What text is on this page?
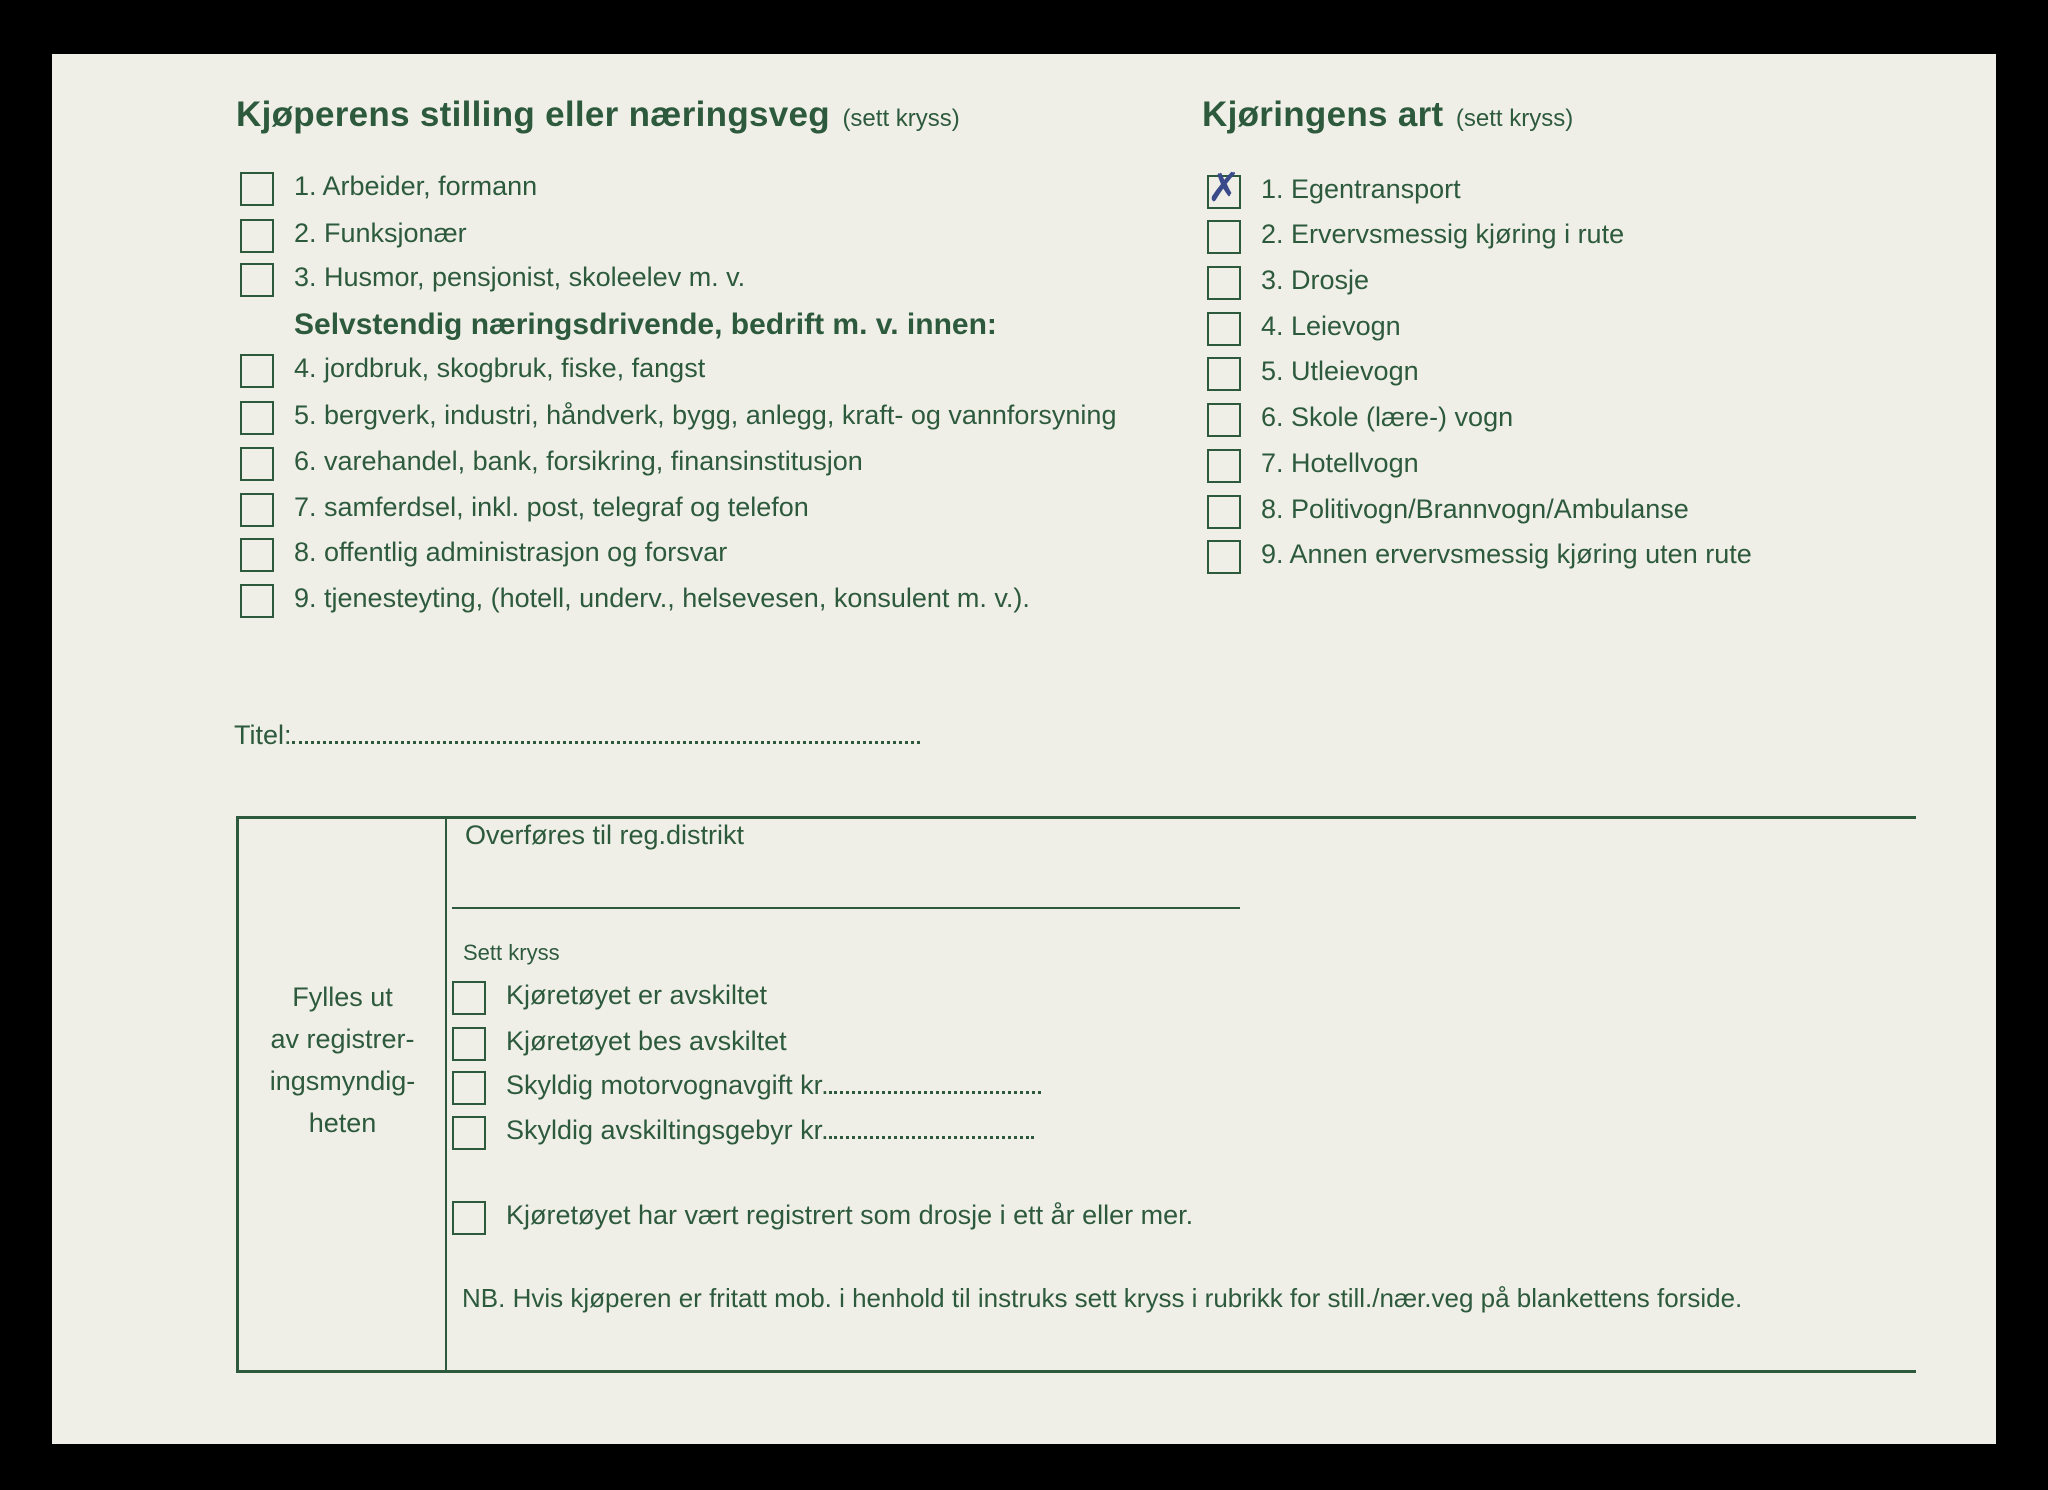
Kjøperens stilling eller næringsveg (sett kryss)
1. Arbeider, formann
2. Funksjonær
3. Husmor, pensjonist, skoleelev m. v.
Selvstendig næringsdrivende, bedrift m. v. innen:
4. jordbruk, skogbruk, fiske, fangst
5. bergverk, industri, håndverk, bygg, anlegg, kraft- og vannforsyning
6. varehandel, bank, forsikring, finansinstitusjon
7. samferdsel, inkl. post, telegraf og telefon
8. offentlig administrasjon og forsvar
9. tjenesteyting, (hotell, underv., helsevesen, konsulent m. v.).
Titel:
Kjøringens art (sett kryss)
✗ 1. Egentransport
2. Ervervsmessig kjøring i rute
3. Drosje
4. Leievogn
5. Utleievogn
6. Skole (lære-) vogn
7. Hotellvogn
8. Politivogn/Brannvogn/Ambulanse
9. Annen ervervsmessig kjøring uten rute
Fylles ut
av registrer-
ingsmyndig-
heten
Overføres til reg.distrikt
Sett kryss
Kjøretøyet er avskiltet
Kjøretøyet bes avskiltet
Skyldig motorvognavgift kr.
Skyldig avskiltingsgebyr kr.
Kjøretøyet har vært registrert som drosje i ett år eller mer.
NB. Hvis kjøperen er fritatt mob. i henhold til instruks sett kryss i rubrikk for still./nær.veg på blankettens forside.
